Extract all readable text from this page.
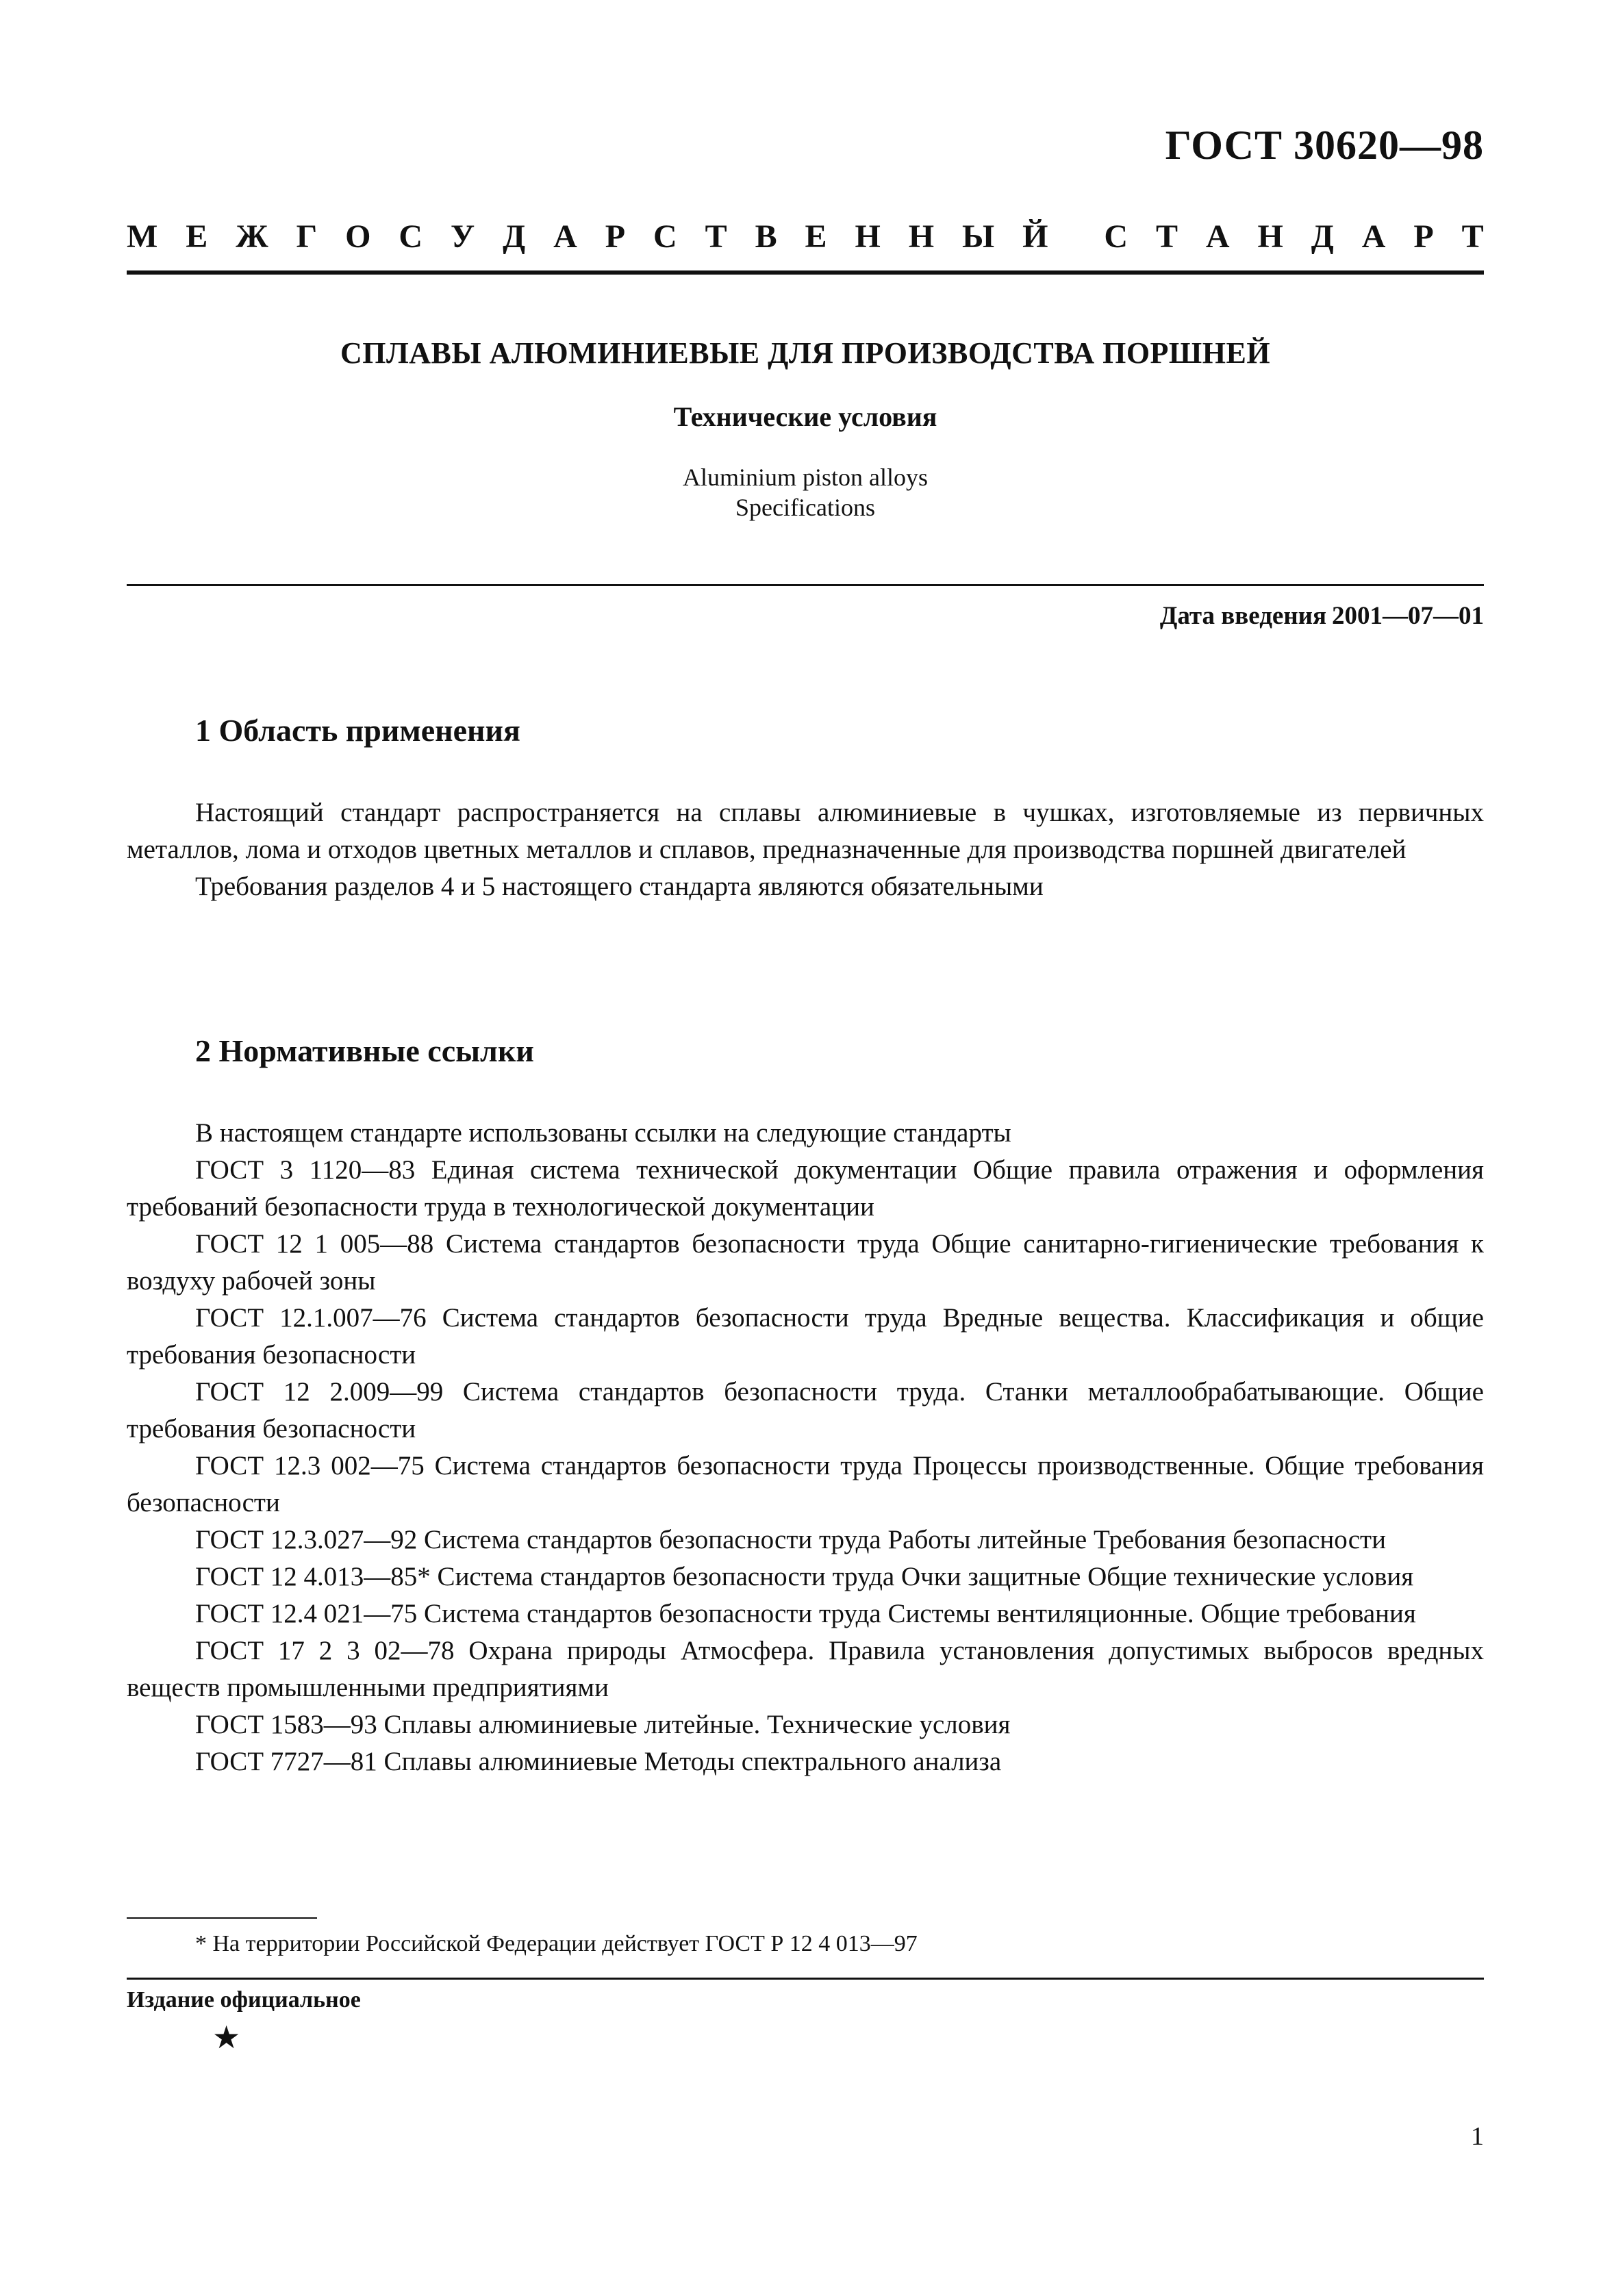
ГОСТ 30620—98
М Е Ж Г О С У Д А Р С Т В Е Н Н Ы Й С Т А Н Д А Р Т
СПЛАВЫ АЛЮМИНИЕВЫЕ ДЛЯ ПРОИЗВОДСТВА ПОРШНЕЙ
Технические условия
Aluminium piston alloys
Specifications
Дата введения 2001—07—01
1 Область применения

Настоящий стандарт распространяется на сплавы алюминиевые в чушках, изготовляемые из первичных металлов, лома и отходов цветных металлов и сплавов, предназначенные для производства поршней двигателей

Требования разделов 4 и 5 настоящего стандарта являются обязательными

2 Нормативные ссылки

В настоящем стандарте использованы ссылки на следующие стандарты

ГОСТ 3 1120—83 Единая система технической документации Общие правила отражения и оформления требований безопасности труда в технологической документации

ГОСТ 12 1 005—88 Система стандартов безопасности труда Общие санитарно-гигиенические требования к воздуху рабочей зоны

ГОСТ 12.1.007—76 Система стандартов безопасности труда Вредные вещества. Классификация и общие требования безопасности

ГОСТ 12 2.009—99 Система стандартов безопасности труда. Станки металлообрабатывающие. Общие требования безопасности

ГОСТ 12.3 002—75 Система стандартов безопасности труда Процессы производственные. Общие требования безопасности

ГОСТ 12.3.027—92 Система стандартов безопасности труда Работы литейные Требования безопасности

ГОСТ 12 4.013—85* Система стандартов безопасности труда Очки защитные Общие технические условия

ГОСТ 12.4 021—75 Система стандартов безопасности труда Системы вентиляционные. Общие требования

ГОСТ 17 2 3 02—78 Охрана природы Атмосфера. Правила установления допустимых выбросов вредных веществ промышленными предприятиями

ГОСТ 1583—93 Сплавы алюминиевые литейные. Технические условия

ГОСТ 7727—81 Сплавы алюминиевые Методы спектрального анализа

* На территории Российской Федерации действует ГОСТ Р 12 4 013—97
Издание официальное
★
1
